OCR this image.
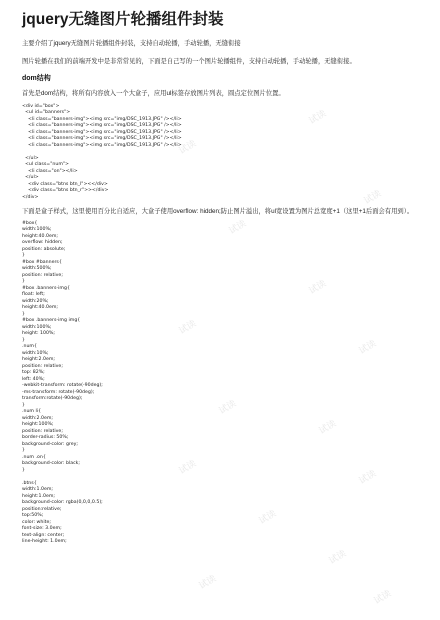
jquery无缝图片轮播组件封装

主要介绍了jquery无缝图片轮播组件封装，支持自动轮播，手动轮播，无缝衔接

图片轮播在我们的前端开发中是非常常见的，下面是自己写的一个图片轮播组件，支持自动轮播，手动轮播，无缝衔接。

dom结构

首先是dom结构，将所有内容放入一个大盒子，应用ul标签存放图片列表，圆点定位图片位置。

<div id="box">
<ul id="banners">
<li class="banners-img"><img src="img/DSC_1913.JPG" /></li>
<li class="banners-img"><img src="img/DSC_1913.JPG" /></li>
<li class="banners-img"><img src="img/DSC_1913.JPG" /></li>
<li class="banners-img"><img src="img/DSC_1913.JPG" /></li>
<li class="banners-img"><img src="img/DSC_1913.JPG" /></li>

</ul>
<ul class="num">
<li class="on"></li>
</ul>
<div class="btns btn_l"><</div>
<div class="btns btn_r">></div>
</div>

下面是盒子样式，这里使用百分比自适应，大盒子使用overflow: hidden;防止图片溢出，将ul宽设置为图片总宽度+1（这里+1后面会有用到）。

#box{
width:100%;
height:40.0em;
overflow: hidden;
position: absolute;
}
#box #banners{
width:500%;
position: relative;
}
#box .banners-img{
float: left;
width:20%;
height:40.0em;
}
#box .banners-img img{
width:100%;
height: 100%;
}
.num{
width:10%;
height:2.0em;
position: relative;
top: 82%;
left: 40%;
-webkit-transform: rotate(-90deg);
-ms-transform: rotate(-90deg);
transform:rotate(-90deg);
}
.num li{
width:2.0em;
height:100%;
position: relative;
border-radius: 50%;
background-color: grey;
}
.num .on{
background-color: black;
}

.btns{
width:1.0em;
height:1.0em;
background-color: rgba(0,0,0,0.5);
position:relative;
top:50%;
color: white;
font-size: 3.0em;
text-align: center;
line-height: 1.0em;
试读
试读
试读
试读
试读
试读
试读
试读
试读
试读
试读
试读
试读
试读
试读
